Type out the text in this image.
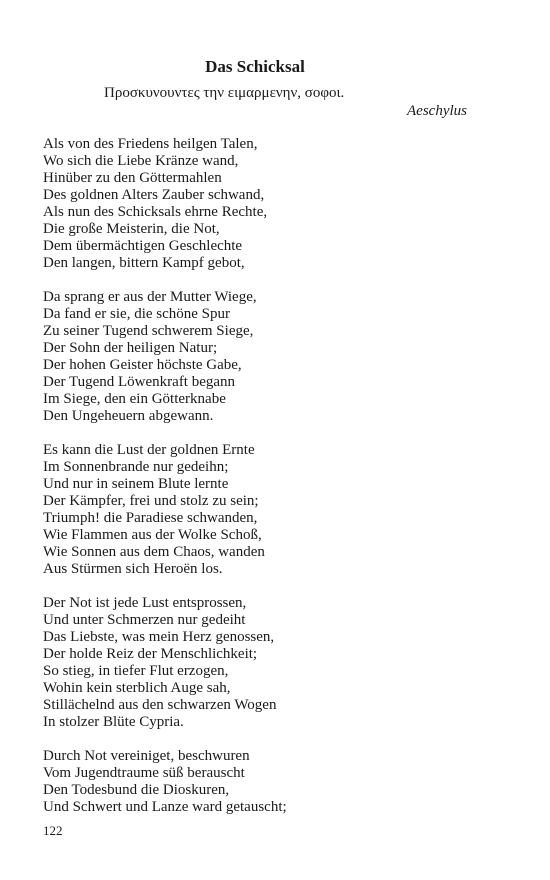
Das Schicksal
Προσκυνουντες την ειμαρμενην, σοφοι.
Aeschylus
Als von des Friedens heilgen Talen,
Wo sich die Liebe Kränze wand,
Hinüber zu den Göttermahlen
Des goldnen Alters Zauber schwand,
Als nun des Schicksals ehrne Rechte,
Die große Meisterin, die Not,
Dem übermächtigen Geschlechte
Den langen, bittern Kampf gebot,
Da sprang er aus der Mutter Wiege,
Da fand er sie, die schöne Spur
Zu seiner Tugend schwerem Siege,
Der Sohn der heiligen Natur;
Der hohen Geister höchste Gabe,
Der Tugend Löwenkraft begann
Im Siege, den ein Götterknabe
Den Ungeheuern abgewann.
Es kann die Lust der goldnen Ernte
Im Sonnenbrande nur gedeihn;
Und nur in seinem Blute lernte
Der Kämpfer, frei und stolz zu sein;
Triumph! die Paradiese schwanden,
Wie Flammen aus der Wolke Schoß,
Wie Sonnen aus dem Chaos, wanden
Aus Stürmen sich Heroën los.
Der Not ist jede Lust entsprossen,
Und unter Schmerzen nur gedeiht
Das Liebste, was mein Herz genossen,
Der holde Reiz der Menschlichkeit;
So stieg, in tiefer Flut erzogen,
Wohin kein sterblich Auge sah,
Stillächelnd aus den schwarzen Wogen
In stolzer Blüte Cypria.
Durch Not vereiniget, beschwuren
Vom Jugendtraume süß berauscht
Den Todesbund die Dioskuren,
Und Schwert und Lanze ward getauscht;
122
